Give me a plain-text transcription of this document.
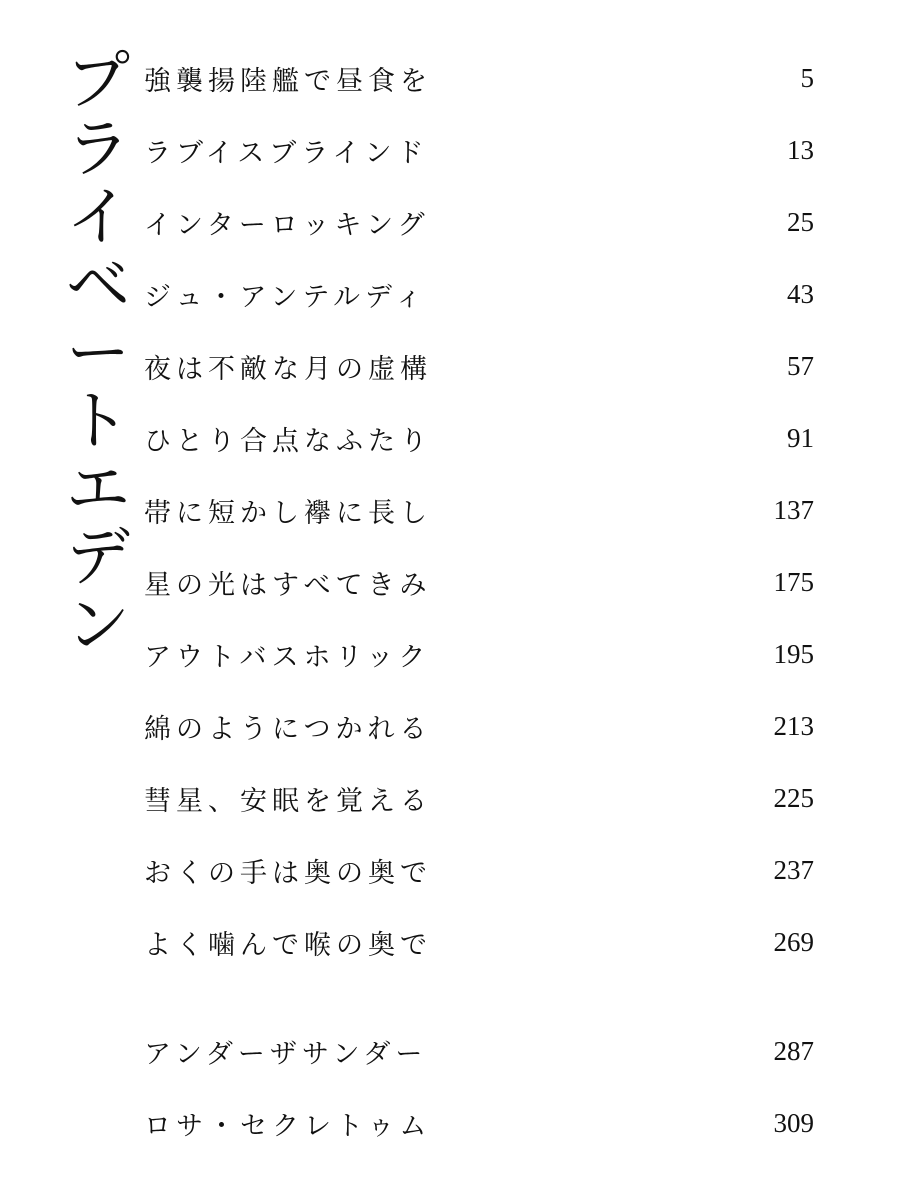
プ
ラ
イ
ベ
ー
ト
エ
デ
ン
強襲揚陸艦で昼食を	5
ラブイスブラインド	13
インターロッキング	25
ジュ・アンテルディ	43
夜は不敵な月の虚構	57
ひとり合点なふたり	91
帯に短かし襷に長し	137
星の光はすべてきみ	175
アウトバスホリック	195
綿のようにつかれる	213
彗星、安眠を覚える	225
おくの手は奥の奥で	237
よく噛んで喉の奥で	269
アンダーザサンダー	287
ロサ・セクレトゥム	309
